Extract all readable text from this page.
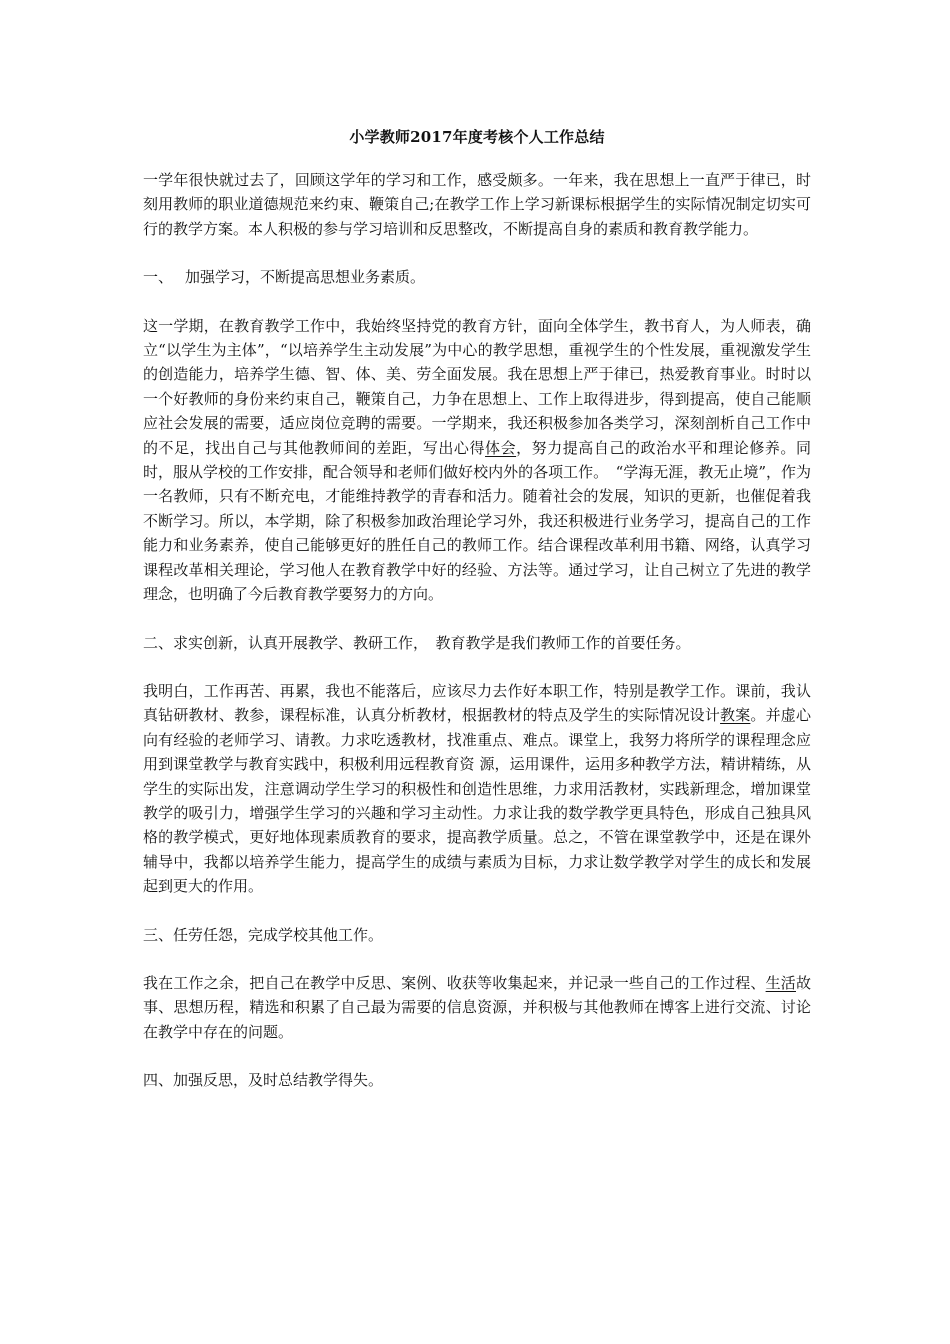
小学教师2017年度考核个人工作总结

一学年很快就过去了，回顾这学年的学习和工作，感受颇多。一年来，我在思想上一直严于律已，时刻用教师的职业道德规范来约束、鞭策自己;在教学工作上学习新课标根据学生的实际情况制定切实可行的教学方案。本人积极的参与学习培训和反思整改，不断提高自身的素质和教育教学能力。

一、 加强学习，不断提高思想业务素质。

这一学期，在教育教学工作中，我始终坚持党的教育方针，面向全体学生，教书育人，为人师表，确立“以学生为主体”，“以培养学生主动发展”为中心的教学思想，重视学生的个性发展，重视激发学生的创造能力，培养学生德、智、体、美、劳全面发展。我在思想上严于律已，热爱教育事业。时时以一个好教师的身份来约束自己，鞭策自己，力争在思想上、工作上取得进步，得到提高，使自己能顺应社会发展的需要，适应岗位竞聘的需要。一学期来，我还积极参加各类学习，深刻剖析自己工作中的不足，找出自己与其他教师间的差距，写出心得体会，努力提高自己的政治水平和理论修养。同时，服从学校的工作安排，配合领导和老师们做好校内外的各项工作。　“学海无涯，教无止境”，作为一名教师，只有不断充电，才能维持教学的青春和活力。随着社会的发展，知识的更新，也催促着我不断学习。所以，本学期，除了积极参加政治理论学习外，我还积极进行业务学习，提高自己的工作能力和业务素养，使自己能够更好的胜任自己的教师工作。结合课程改革利用书籍、网络，认真学习课程改革相关理论，学习他人在教育教学中好的经验、方法等。通过学习，让自己树立了先进的教学理念，也明确了今后教育教学要努力的方向。

二、求实创新，认真开展教学、教研工作，　教育教学是我们教师工作的首要任务。

我明白，工作再苦、再累，我也不能落后，应该尽力去作好本职工作，特别是教学工作。课前，我认真钻研教材、教参，课程标准，认真分析教材，根据教材的特点及学生的实际情况设计教案。并虚心向有经验的老师学习、请教。力求吃透教材，找准重点、难点。课堂上，我努力将所学的课程理念应用到课堂教学与教育实践中，积极利用远程教育资 源，运用课件，运用多种教学方法，精讲精练，从学生的实际出发，注意调动学生学习的积极性和创造性思维，力求用活教材，实践新理念，增加课堂教学的吸引力，增强学生学习的兴趣和学习主动性。力求让我的数学教学更具特色，形成自己独具风格的教学模式，更好地体现素质教育的要求，提高教学质量。总之，不管在课堂教学中，还是在课外辅导中，我都以培养学生能力，提高学生的成绩与素质为目标，力求让数学教学对学生的成长和发展起到更大的作用。

三、任劳任怨，完成学校其他工作。

我在工作之余，把自己在教学中反思、案例、收获等收集起来，并记录一些自己的工作过程、生活故事、思想历程，精选和积累了自己最为需要的信息资源，并积极与其他教师在博客上进行交流、讨论在教学中存在的问题。

四、加强反思，及时总结教学得失。
